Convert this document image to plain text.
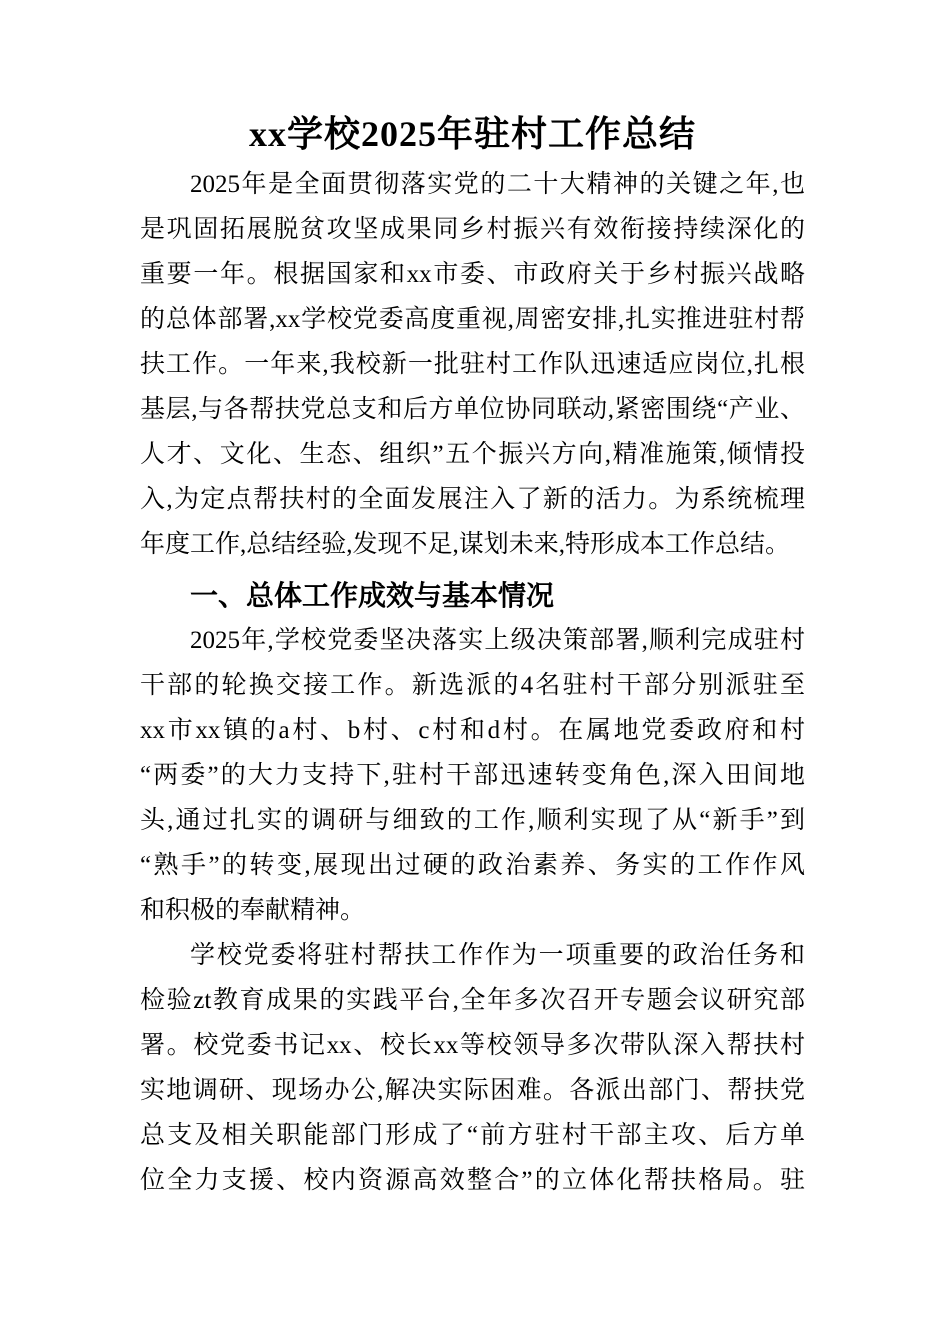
xx学校2025年驻村工作总结
2025年是全面贯彻落实党的二十大精神的关键之年,也
是巩固拓展脱贫攻坚成果同乡村振兴有效衔接持续深化的
重要一年。根据国家和xx市委、市政府关于乡村振兴战略
的总体部署,xx学校党委高度重视,周密安排,扎实推进驻村帮
扶工作。一年来,我校新一批驻村工作队迅速适应岗位,扎根
基层,与各帮扶党总支和后方单位协同联动,紧密围绕“产业、
人才、文化、生态、组织”五个振兴方向,精准施策,倾情投
入,为定点帮扶村的全面发展注入了新的活力。为系统梳理
年度工作,总结经验,发现不足,谋划未来,特形成本工作总结。
一、总体工作成效与基本情况
2025年,学校党委坚决落实上级决策部署,顺利完成驻村
干部的轮换交接工作。新选派的4名驻村干部分别派驻至
xx市xx镇的a村、b村、c村和d村。在属地党委政府和村
“两委”的大力支持下,驻村干部迅速转变角色,深入田间地
头,通过扎实的调研与细致的工作,顺利实现了从“新手”到
“熟手”的转变,展现出过硬的政治素养、务实的工作作风
和积极的奉献精神。
学校党委将驻村帮扶工作作为一项重要的政治任务和
检验zt教育成果的实践平台,全年多次召开专题会议研究部
署。校党委书记xx、校长xx等校领导多次带队深入帮扶村
实地调研、现场办公,解决实际困难。各派出部门、帮扶党
总支及相关职能部门形成了“前方驻村干部主攻、后方单
位全力支援、校内资源高效整合”的立体化帮扶格局。驻
